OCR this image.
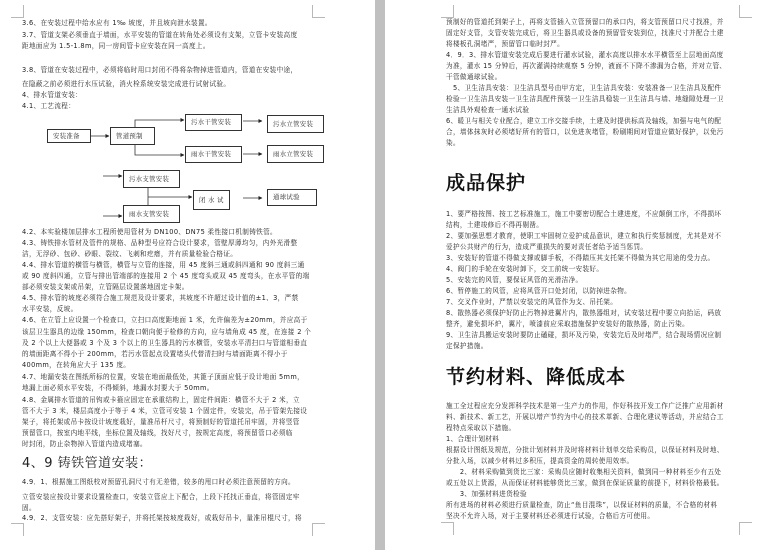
3.6、在安装过程中给水应有 1‰ 坡度，并且坡向泄水装置。
3.7、管道支架必须垂直于墙面，水平安装的管道在转角处必须设有支架，立管卡安装高度
距地面应为 1.5-1.8m，同一房间管卡应安装在同一高度上。
3.8、管道在安装过程中，必须将临时用口封闭不得将杂物掉进管道内，管道在安装中途，
在隐蔽之前必须进行水压试验，消火栓系统安装完成进行试射试验。
4、排水管道安装：
4.1、工艺流程：
安装准备	管道预制
污水干管安装	污水立管安装
雨水干管安装	雨水立管安装
污水支管安装
闭 水 试	通球试验
雨水支管安装
4.2、本实验楼加层排水工程所使用管材为 DN100、DN75 柔性接口机制铸铁管。
4.3、铸铁排水管材及管件的规格、品种型号应符合设计要求，管壁厚薄均匀，内外光滑整
洁，无浮砂、包砂、砂眼、裂纹、飞刺和疙瘩，并有质量检验合格证。
4.4、排水管道的横管与横管，横管与立管的连接，用 45 度斜三通或斜四通和 90 度斜三通
或 90 度斜四通，立管与排出管端部的连接用 2 个 45 度弯头或双 45 度弯头，在水平管的端
部必须安装支架或吊架，立管隔层设置落地固定卡架。
4.5、排水管的坡度必须符合施工规范及设计要求，其坡度不许超过设计值的±1、3，严禁
水平安装，反坡。
4.6、在立管上应设置一个检查口，立扫口高度距地面 1 米，允许偏差为±20mm，并应高于
该层卫生器具的边缘 150mm，检查口朝向便于检修的方向，应与墙角成 45 度，在连接 2 个
及 2 个以上大便器或 3 个及 3 个以上的卫生器具的污水横管，安装水平清扫口与管道相垂直
的墙面距离不得小于 200mm，若污水管起点设置堵头代替清扫时与墙面距离不得小于
400mm，在转角应大于 135 度。
4.7、地漏安装在图纸所标的位置，安装在地面最低处，其篦子顶面应低于设计地面 5mm，
地漏上面必须水平安装，不得倾斜，地漏水封要大于 50mm。
4.8、金属排水管道的吊钩或卡箍应固定在承重结构上，固定件间距：横管不大于 2 米，立
管不大于 3 米，楼层高度小于等于 4 米，立管可安装 1 个固定件，安装完，吊于管架先接设
架子，将托架或吊卡按设计坡度栽好，量准吊杆尺寸，将预制好的管道托吊牢固，并将竖管
预留管口，按室内地平线，坐标位置及轴线，找好尺寸，按规定高度，将预留管口必须临
时封闭，防止杂物掉入管道内造成堵塞。
4、9 铸铁管道安装：
4.9．1、根据施工图纸校对预留孔洞尺寸有无差错，较多的甩口时必须注意预留的方向。
立管安装应按设计要求设置检查口，安装立管应上下配合，上段下托找正垂直，将管固定牢
固。
4.9．2、支管安装：应先搭好架子，并将托架按坡度栽好，或栽好吊卡，量准吊棍尺寸，将
预制好的管道托到架子上，再将支管插入立管预留口的承口内，将支管预留口尺寸找准，并
固定好支管，支管安装完成后，将卫生器具或设备的预留管安装到位，找准尺寸并配合土建
将楼板孔洞堵严，预留管口临时封严。
4．9．3、排水管道安装完成后要进行灌水试验，灌水高度以排水水平横管至上层地面高度
为准，灌水 15 分钟后，再次灌满持续观察 5 分钟，液面不下降不渗漏为合格，并对立管、
干管做通球试验。
　5、卫生洁具安装：卫生洁具型号由甲方定，卫生洁具安装：安装准备一卫生洁具及配件
检验一卫生洁具安装一卫生洁具配件预装一卫生洁具稳装一卫生洁具与墙、地缝隙处理一卫
生洁具外观检查一通水试验
6、暖卫与相关专业配合，建立工序交接手续，土建及时提供标高及轴线，加强与电气的配
合，墙体抹灰时必须堵好所有的管口，以免进灰堵管，粉刷期间对管道应做好保护，以免污
染。
成品保护
1、要严格按图、按工艺标准施工，施工中要密切配合土建进度，不应颠倒工序，不得损坏
结构，土建竣修后不得再剔凿。
2、要加强思想才教育，使职工牢固树立爱护成品意识，建立和执行奖惩制度，尤其是对不
爱护公共财产的行为，造成严重损失的要对责任者给予适当惩罚。
3、安装好的管道不得做支撑或脚手板，不得踏压其支托架不得做为其它用途的受力点。
4、阀门的手轮在安装时卸下，交工前统一安装好。
5、安装完的风管，要保证风管的光滑洁净。
6、暂停施工的风管，应将风管开口处封闭，以防掉进杂物。
7、交叉作业时，严禁以安装完的风管作为支、吊托架。
8、散热器必须保护好防止污物掉进翼片内，散热器组对，试安装过程中要立向抬运，码放
整齐，避免损坏炉，翼片，喷漆前应采取措施保护安装好的散热器，防止污染。
9、卫生洁具搬运安装时要防止磕碰，损坏及污染，安装完后及时堵严，结合现场情况应制
定保护措施。
节约材料、降低成本
施工全过程应充分发挥科学技术是第一生产力的作用，作好科技开发工作广泛推广应用新材
料、新技术、新工艺，开展以增产节约为中心的技术革新、合理化建议等活动，并应结合工
程特点采取以下措施。
1、合理计划材料
根据设计图纸及规范，分批计划材料并及时将材料计划单交给采购员，以保证材料及时地、
分批入场，以减少材料过多积压，提高资金的周转使用效率。
　　2、材料采购做到货比三家：采购员应随时收集相关资料，做到同一种材料至少有五处
或五处以上货源，从而保证材料能够货比三家，做到在保证质量的前提下，材料价格最低。
　　3、加强材料进货检验
所有进场的材料必须进行质量检查，防止“鱼目混珠”，以保证材料的质量，不合格的材料
坚决不允许入场，对于主要材料还必须进行试验，合格后方可使用。
